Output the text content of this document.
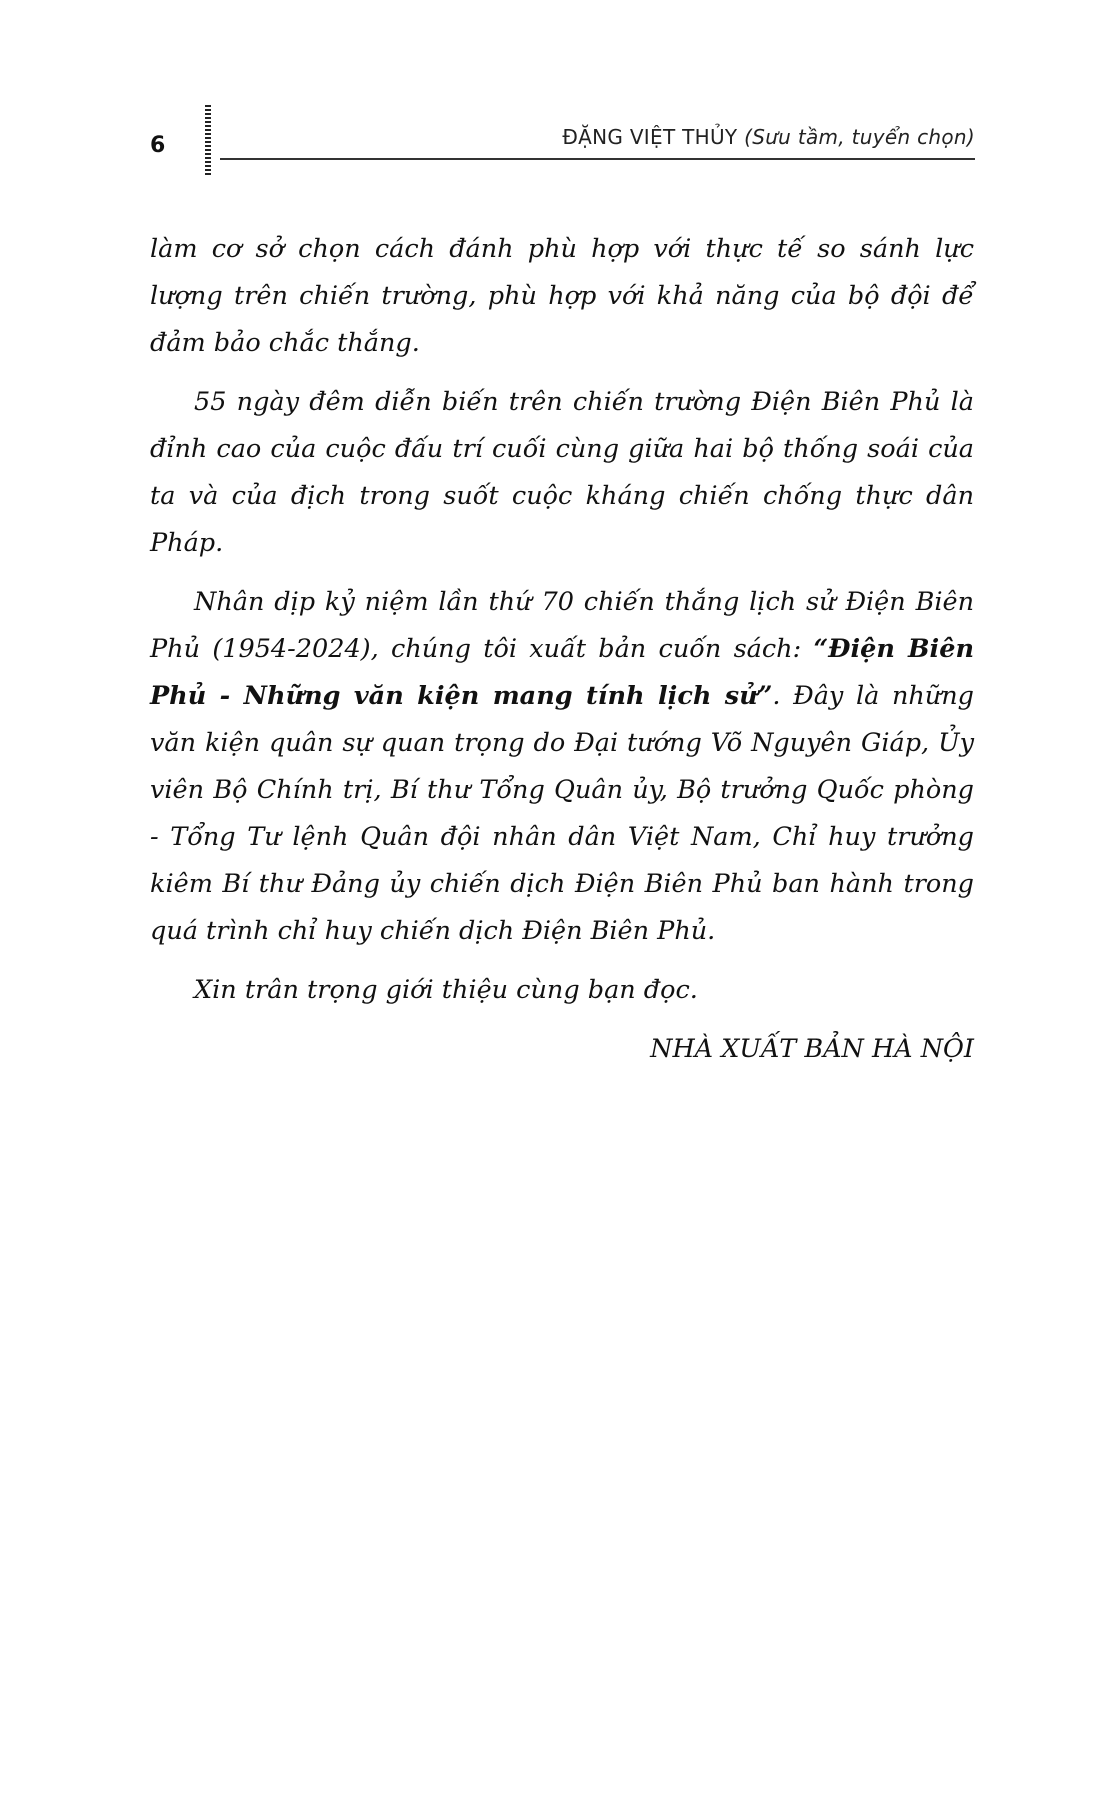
6	ĐẶNG VIỆT THỦY (Sưu tầm, tuyển chọn)

làm cơ sở chọn cách đánh phù hợp với thực tế so sánh lực lượng trên chiến trường, phù hợp với khả năng của bộ đội để đảm bảo chắc thắng.

55 ngày đêm diễn biến trên chiến trường Điện Biên Phủ là đỉnh cao của cuộc đấu trí cuối cùng giữa hai bộ thống soái của ta và của địch trong suốt cuộc kháng chiến chống thực dân Pháp.

Nhân dịp kỷ niệm lần thứ 70 chiến thắng lịch sử Điện Biên Phủ (1954-2024), chúng tôi xuất bản cuốn sách: “Điện Biên Phủ - Những văn kiện mang tính lịch sử”. Đây là những văn kiện quân sự quan trọng do Đại tướng Võ Nguyên Giáp, Ủy viên Bộ Chính trị, Bí thư Tổng Quân ủy, Bộ trưởng Quốc phòng - Tổng Tư lệnh Quân đội nhân dân Việt Nam, Chỉ huy trưởng kiêm Bí thư Đảng ủy chiến dịch Điện Biên Phủ ban hành trong quá trình chỉ huy chiến dịch Điện Biên Phủ.

Xin trân trọng giới thiệu cùng bạn đọc.

NHÀ XUẤT BẢN HÀ NỘI
